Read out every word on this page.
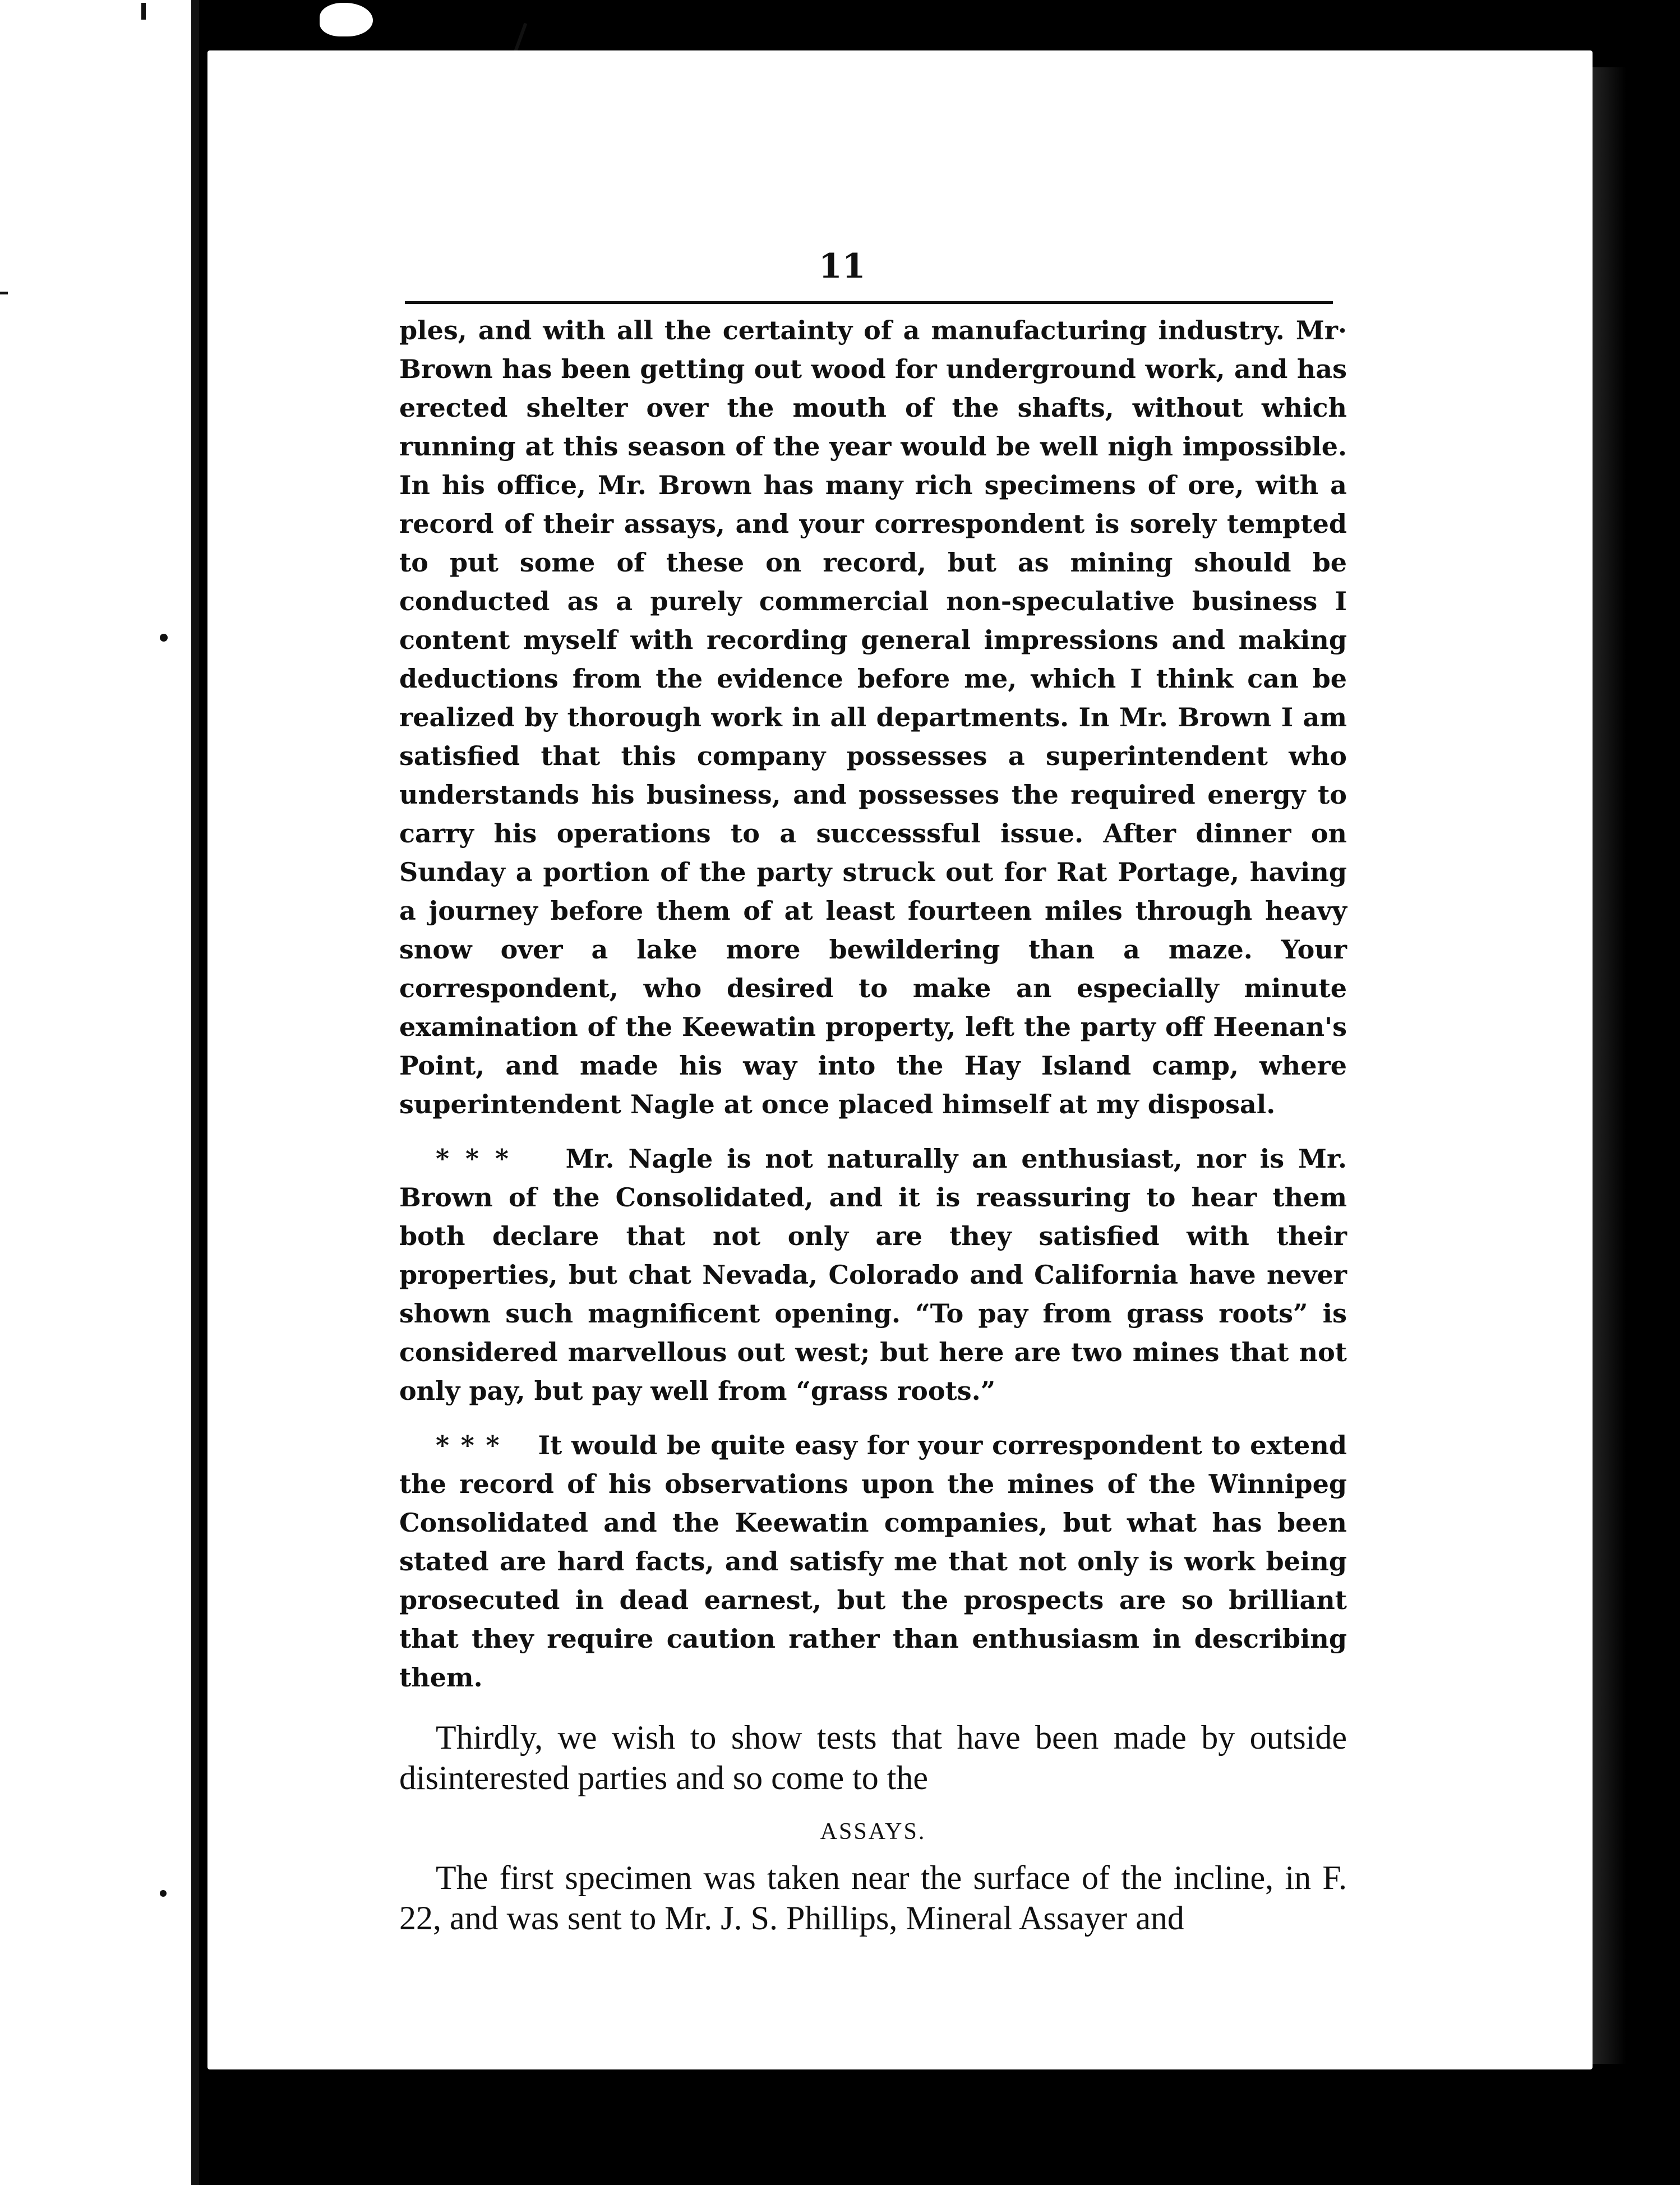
11

ples, and with all the certainty of a manufacturing industry. Mr· Brown has been getting out wood for underground work, and has erected shelter over the mouth of the shafts, without which running at this season of the year would be well nigh impossible. In his office, Mr. Brown has many rich specimens of ore, with a record of their assays, and your correspondent is sorely tempted to put some of these on record, but as mining should be conducted as a purely commercial non-speculative business I content myself with recording general impressions and making deductions from the evidence before me, which I think can be realized by thorough work in all departments. In Mr. Brown I am satisfied that this company possesses a superintendent who understands his business, and possesses the required energy to carry his operations to a successsful issue. After dinner on Sunday a portion of the party struck out for Rat Portage, having a journey before them of at least fourteen miles through heavy snow over a lake more bewildering than a maze. Your correspondent, who desired to make an especially minute examination of the Keewatin property, left the party off Heenan's Point, and made his way into the Hay Island camp, where superintendent Nagle at once placed himself at my disposal.

* * * Mr. Nagle is not naturally an enthusiast, nor is Mr. Brown of the Consolidated, and it is reassuring to hear them both declare that not only are they satisfied with their properties, but chat Nevada, Colorado and California have never shown such magnificent opening. “To pay from grass roots” is considered marvellous out west; but here are two mines that not only pay, but pay well from “grass roots.”

* * * It would be quite easy for your correspondent to extend the record of his observations upon the mines of the Winnipeg Consolidated and the Keewatin companies, but what has been stated are hard facts, and satisfy me that not only is work being prosecuted in dead earnest, but the prospects are so brilliant that they require caution rather than enthusiasm in describing them.

Thirdly, we wish to show tests that have been made by outside disinterested parties and so come to the

ASSAYS.

The first specimen was taken near the surface of the incline, in F. 22, and was sent to Mr. J. S. Phillips, Mineral Assayer and
